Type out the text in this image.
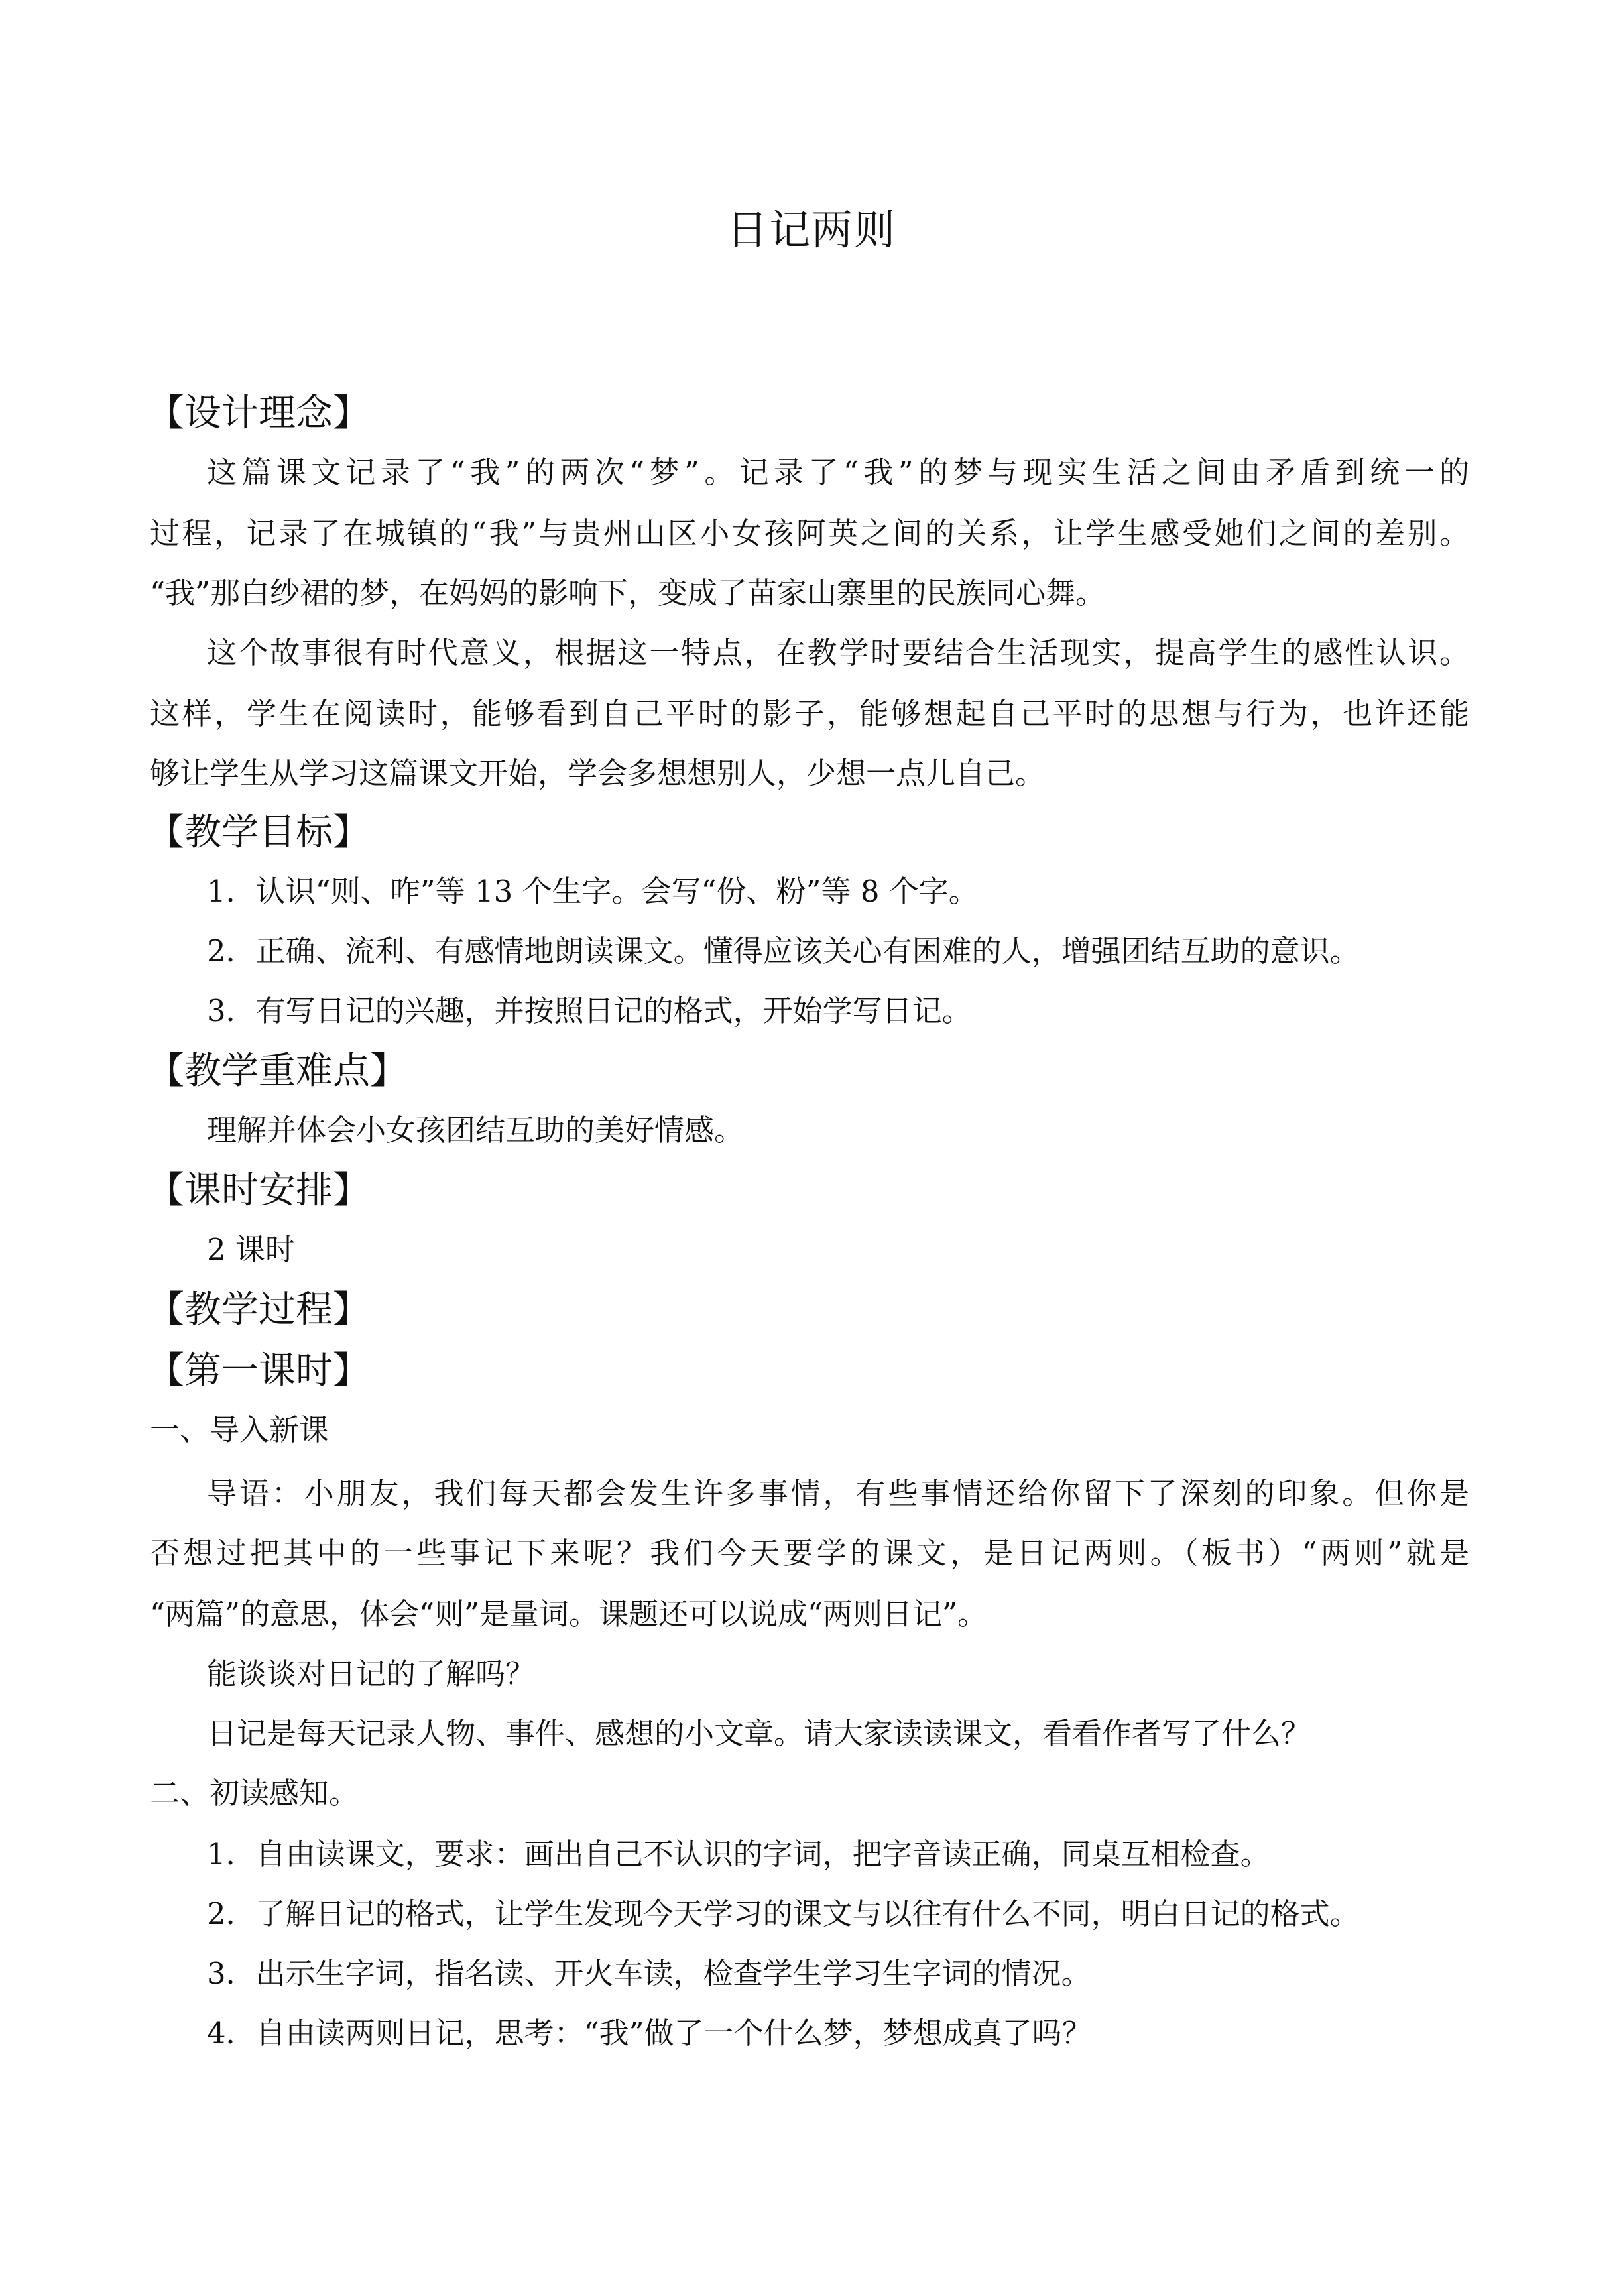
日记两则
【设计理念】
这篇课文记录了“我”的两次“梦”。记录了“我”的梦与现实生活之间由矛盾到统一的
过程，记录了在城镇的“我”与贵州山区小女孩阿英之间的关系，让学生感受她们之间的差别。
“我”那白纱裙的梦，在妈妈的影响下，变成了苗家山寨里的民族同心舞。
这个故事很有时代意义，根据这一特点，在教学时要结合生活现实，提高学生的感性认识。
这样，学生在阅读时，能够看到自己平时的影子，能够想起自己平时的思想与行为，也许还能
够让学生从学习这篇课文开始，学会多想想别人，少想一点儿自己。
【教学目标】
1．认识“则、咋”等 13 个生字。会写“份、粉”等 8 个字。
2．正确、流利、有感情地朗读课文。懂得应该关心有困难的人，增强团结互助的意识。
3．有写日记的兴趣，并按照日记的格式，开始学写日记。
【教学重难点】
理解并体会小女孩团结互助的美好情感。
【课时安排】
2 课时
【教学过程】
【第一课时】
一、导入新课
导语：小朋友，我们每天都会发生许多事情，有些事情还给你留下了深刻的印象。但你是
否想过把其中的一些事记下来呢？我们今天要学的课文，是日记两则。（板书）“两则”就是
“两篇”的意思，体会“则”是量词。课题还可以说成“两则日记”。
能谈谈对日记的了解吗？
日记是每天记录人物、事件、感想的小文章。请大家读读课文，看看作者写了什么？
二、初读感知。
1．自由读课文，要求：画出自己不认识的字词，把字音读正确，同桌互相检查。
2．了解日记的格式，让学生发现今天学习的课文与以往有什么不同，明白日记的格式。
3．出示生字词，指名读、开火车读，检查学生学习生字词的情况。
4．自由读两则日记，思考：“我”做了一个什么梦，梦想成真了吗？
